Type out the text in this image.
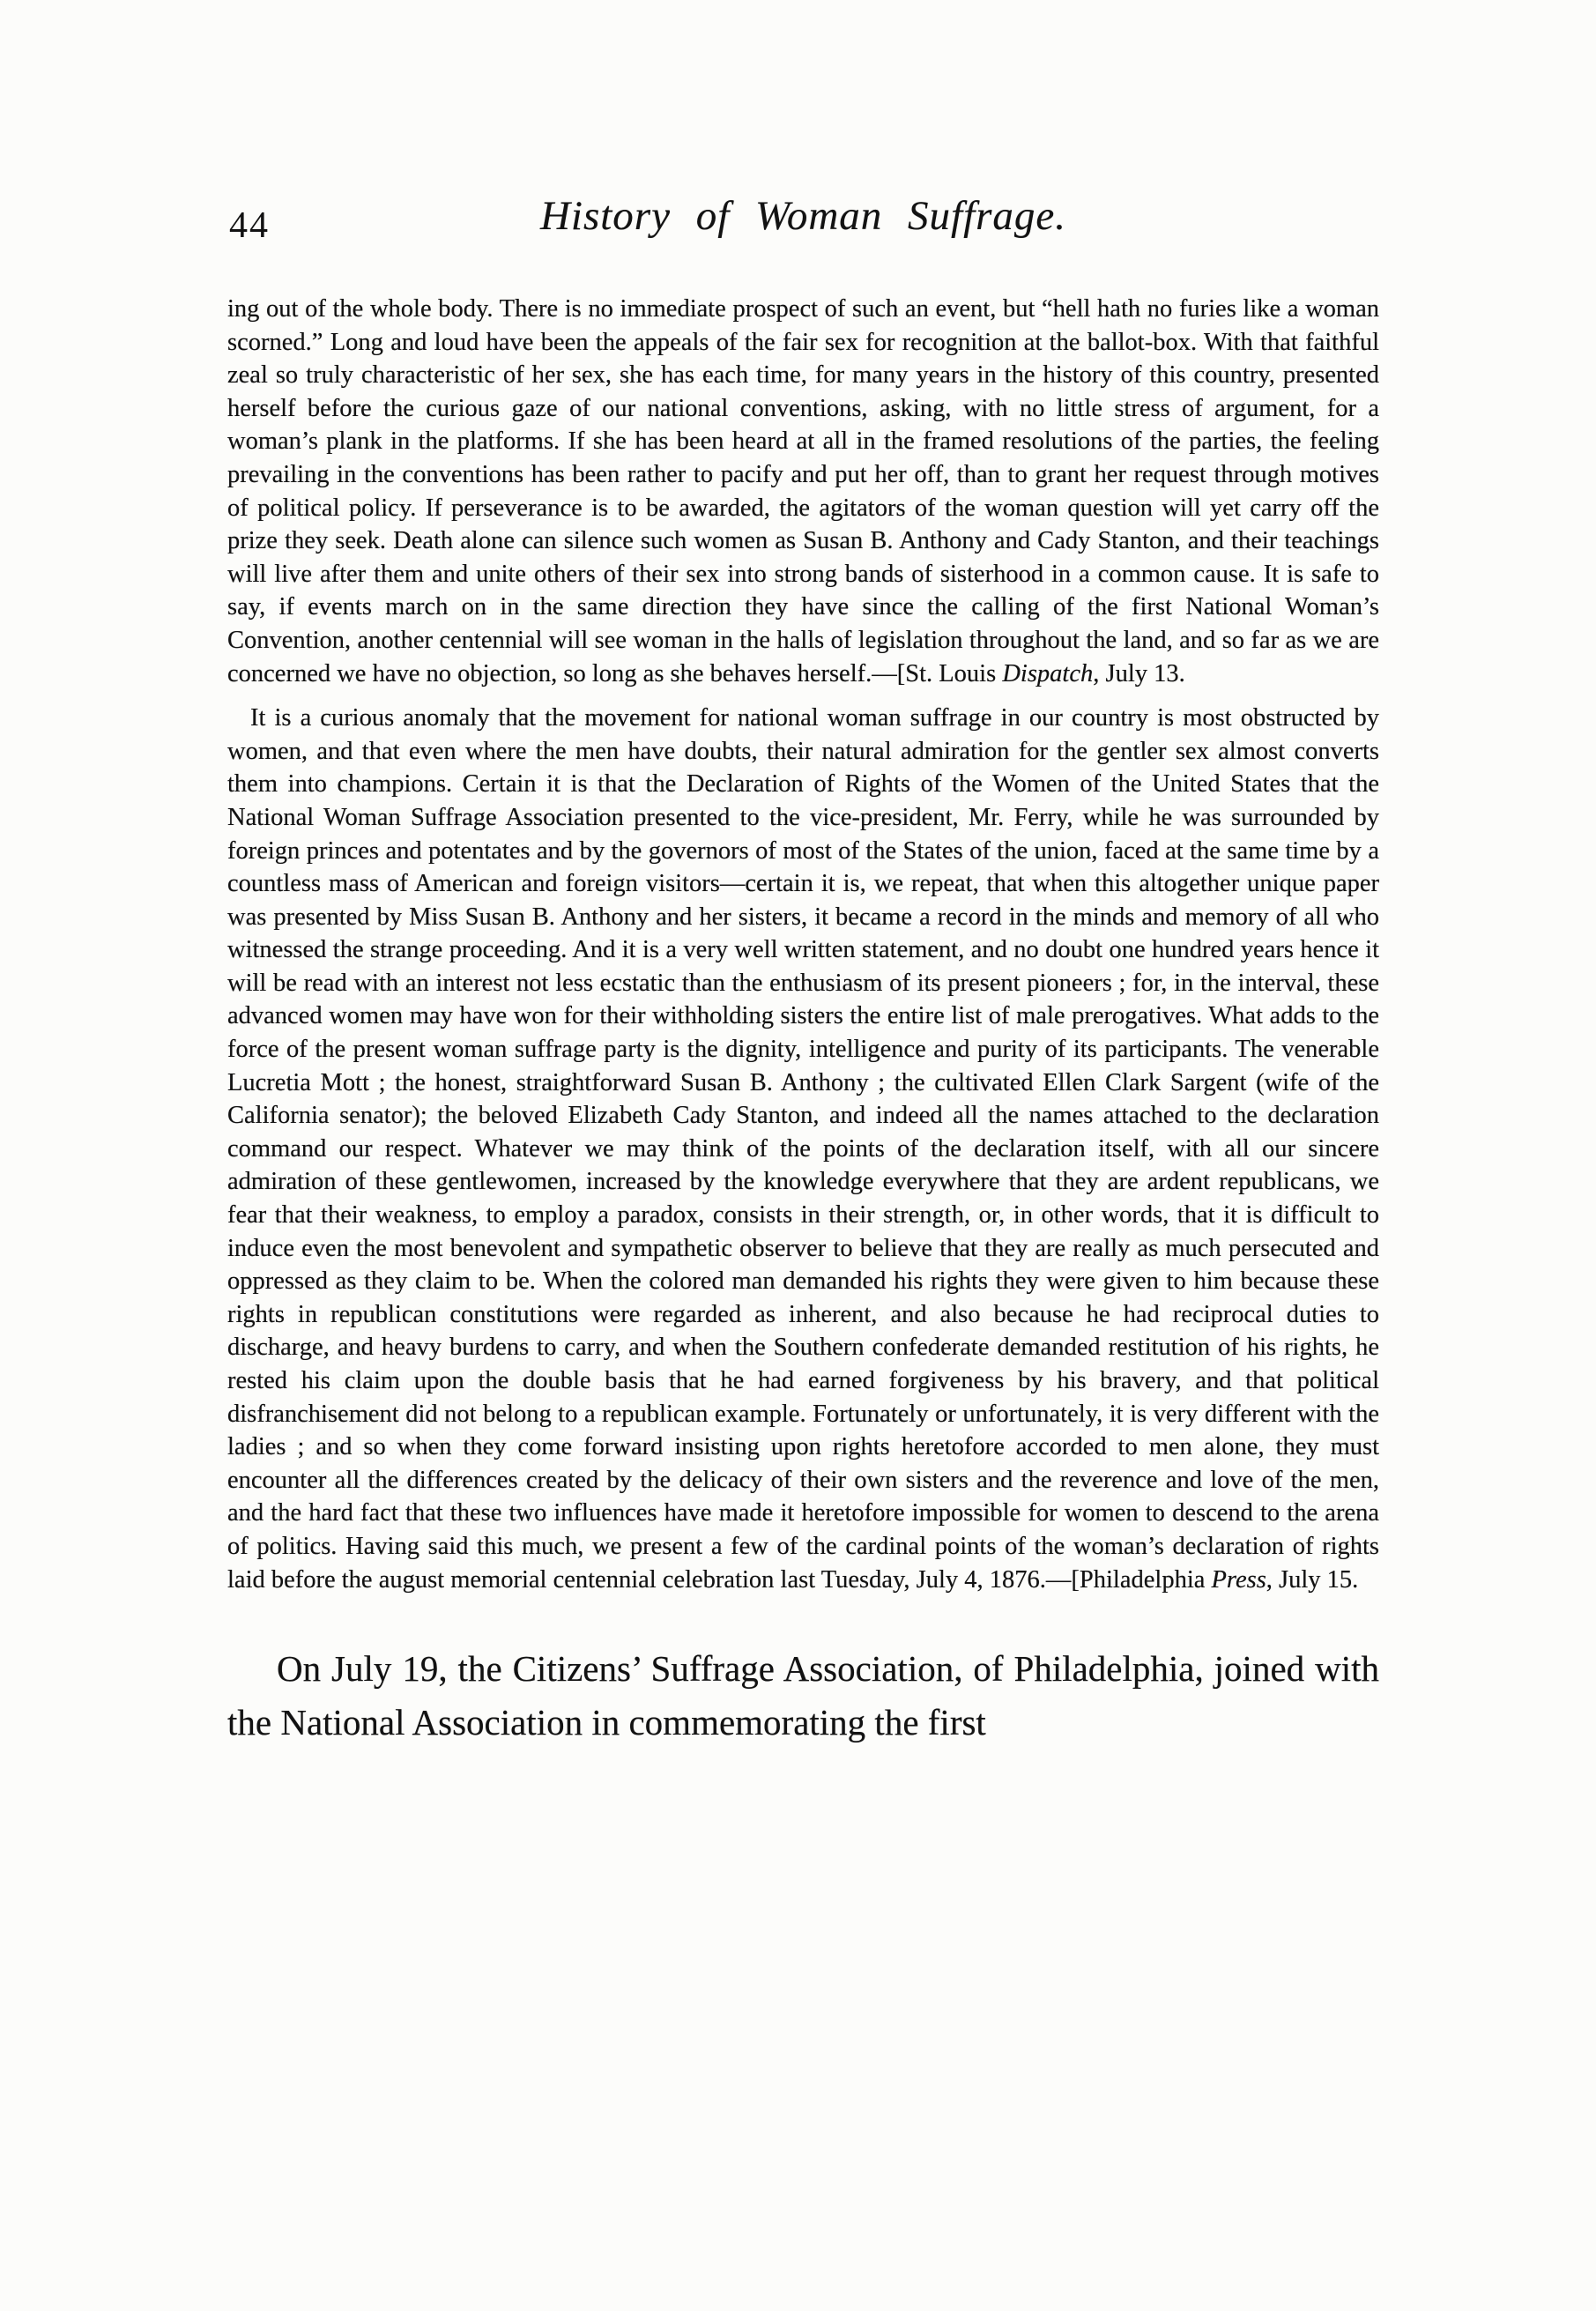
44	History of Woman Suffrage.

ing out of the whole body. There is no immediate prospect of such an event, but “hell hath no furies like a woman scorned.” Long and loud have been the appeals of the fair sex for recognition at the ballot-box. With that faithful zeal so truly characteristic of her sex, she has each time, for many years in the history of this country, presented herself before the curious gaze of our national conventions, asking, with no little stress of argument, for a woman’s plank in the platforms. If she has been heard at all in the framed resolutions of the parties, the feeling prevailing in the conventions has been rather to pacify and put her off, than to grant her request through motives of political policy. If perseverance is to be awarded, the agitators of the woman question will yet carry off the prize they seek. Death alone can silence such women as Susan B. Anthony and Cady Stanton, and their teachings will live after them and unite others of their sex into strong bands of sisterhood in a common cause. It is safe to say, if events march on in the same direction they have since the calling of the first National Woman’s Convention, another centennial will see woman in the halls of legislation throughout the land, and so far as we are concerned we have no objection, so long as she behaves herself.—[St. Louis Dispatch, July 13.

It is a curious anomaly that the movement for national woman suffrage in our country is most obstructed by women, and that even where the men have doubts, their natural admiration for the gentler sex almost converts them into champions. Certain it is that the Declaration of Rights of the Women of the United States that the National Woman Suffrage Association presented to the vice-president, Mr. Ferry, while he was surrounded by foreign princes and potentates and by the governors of most of the States of the union, faced at the same time by a countless mass of American and foreign visitors—certain it is, we repeat, that when this altogether unique paper was presented by Miss Susan B. Anthony and her sisters, it became a record in the minds and memory of all who witnessed the strange proceeding. And it is a very well written statement, and no doubt one hundred years hence it will be read with an interest not less ecstatic than the enthusiasm of its present pioneers ; for, in the interval, these advanced women may have won for their withholding sisters the entire list of male prerogatives. What adds to the force of the present woman suffrage party is the dignity, intelligence and purity of its participants. The venerable Lucretia Mott ; the honest, straightforward Susan B. Anthony ; the cultivated Ellen Clark Sargent (wife of the California senator); the beloved Elizabeth Cady Stanton, and indeed all the names attached to the declaration command our respect. Whatever we may think of the points of the declaration itself, with all our sincere admiration of these gentlewomen, increased by the knowledge everywhere that they are ardent republicans, we fear that their weakness, to employ a paradox, consists in their strength, or, in other words, that it is difficult to induce even the most benevolent and sympathetic observer to believe that they are really as much persecuted and oppressed as they claim to be. When the colored man demanded his rights they were given to him because these rights in republican constitutions were regarded as inherent, and also because he had reciprocal duties to discharge, and heavy burdens to carry, and when the Southern confederate demanded restitution of his rights, he rested his claim upon the double basis that he had earned forgiveness by his bravery, and that political disfranchisement did not belong to a republican example. Fortunately or unfortunately, it is very different with the ladies ; and so when they come forward insisting upon rights heretofore accorded to men alone, they must encounter all the differences created by the delicacy of their own sisters and the reverence and love of the men, and the hard fact that these two influences have made it heretofore impossible for women to descend to the arena of politics. Having said this much, we present a few of the cardinal points of the woman’s declaration of rights laid before the august memorial centennial celebration last Tuesday, July 4, 1876.—[Philadelphia Press, July 15.

On July 19, the Citizens’ Suffrage Association, of Philadelphia, joined with the National Association in commemorating the first
